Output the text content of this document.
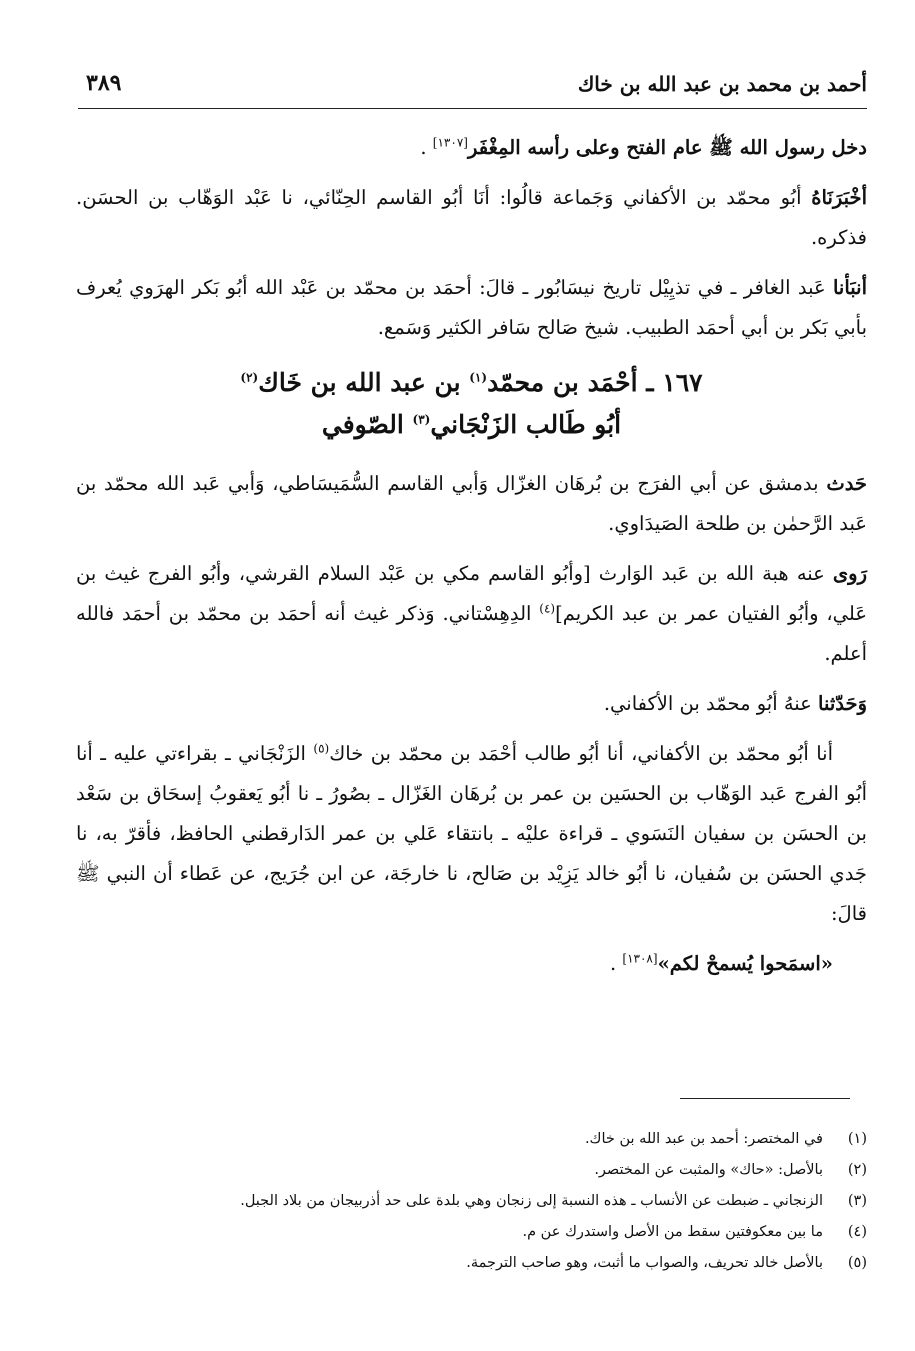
أحمد بن محمد بن عبد الله بن خاك
٣٨٩

دخل رسول الله ﷺ عام الفتح وعلى رأسه المِغْفَر[١٣٠٧] .

أخْبَرَنَاهُ أبُو محمّد بن الأكفاني وَجَماعة قالُوا: أنَا أبُو القاسم الحِنّائي، نا عَبْد الوَهّاب بن الحسَن. فذكره.

أنبَأنا عَبد الغافر ـ في تذيِيْل تاريخ نيسَابُور ـ قالَ: أحمَد بن محمّد بن عَبْد الله أبُو بَكر الهرَوي يُعرف بأبي بَكر بن أبي أحمَد الطبيب. شيخ صَالح سَافر الكثير وَسَمع.

١٦٧ ـ أحْمَد بن محمّد$^{(١)}$ بن عبد الله بن خَاك$^{(٢)}$
أبُو طَالب الزَنْجَاني$^{(٣)}$ الصّوفي

حَدث بدمشق عن أبي الفرَج بن بُرهَان الغزّال وَأبي القاسم السُّمَيسَاطي، وَأبي عَبد الله محمّد بن عَبد الرَّحمٰن بن طلحة الصَيدَاوي.

رَوى عنه هبة الله بن عَبد الوَارث [وأبُو القاسم مكي بن عَبْد السلام القرشي، وأبُو الفرج غيث بن عَلي، وأبُو الفتيان عمر بن عبد الكريم]$^{(٤)}$ الدِهِسْتاني. وَذكر غيث أنه أحمَد بن محمّد بن أحمَد فالله أعلم.

وَحَدّثنا عنهُ أبُو محمّد بن الأكفاني.

أنا أبُو محمّد بن الأكفاني، أنا أبُو طالب أحْمَد بن محمّد بن خاك$^{(٥)}$ الزَنْجَاني ـ بقراءتي عليه ـ أنا أبُو الفرج عَبد الوَهّاب بن الحسَين بن عمر بن بُرهَان الغَزّال ـ بصُورُ ـ نا أبُو يَعقوبُ إسحَاق بن سَعْد بن الحسَن بن سفيان النَسَوي ـ قراءة عليْه ـ بانتقاء عَلي بن عمر الدَارقطني الحافظ، فأقرّ به، نا جَدي الحسَن بن سُفيان، نا أبُو خالد يَزِيْد بن صَالح، نا خارجَة، عن ابن جُرَيج، عن عَطاء أن النبي ﷺ قالَ:

«اسمَحوا يُسمحْ لكم»[١٣٠٨] .

(١)
في المختصر: أحمد بن عبد الله بن خاك.
(٢)
بالأصل: «حاك» والمثبت عن المختصر.
(٣)
الزنجاني ـ ضبطت عن الأنساب ـ هذه النسبة إلى زنجان وهي بلدة على حد أذربيجان من بلاد الجبل.
(٤)
ما بين معكوفتين سقط من الأصل واستدرك عن م.
(٥)
بالأصل خالد تحريف، والصواب ما أثبت، وهو صاحب الترجمة.
